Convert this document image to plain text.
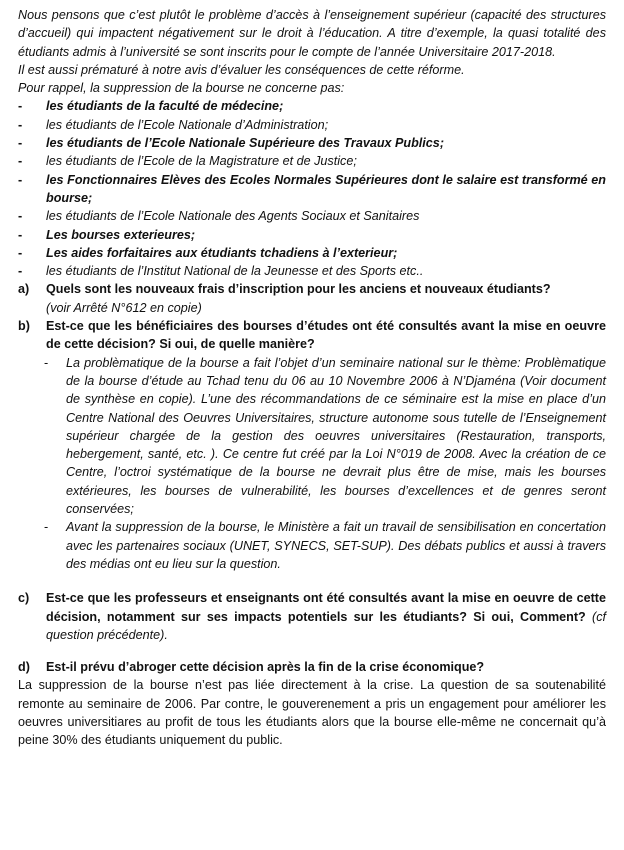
Nous pensons que c’est plutôt le problème d’accès à l’enseignement supérieur (capacité des structures d’accueil) qui impactent négativement sur le droit à l’éducation. A titre d’exemple, la quasi totalité des étudiants admis à l’université se sont inscrits pour le compte de l’année Universitaire 2017-2018.

Il est aussi prématuré à notre avis d’évaluer les conséquences de cette réforme.

Pour rappel, la suppression de la bourse ne concerne pas:

- les étudiants de la faculté de médecine;
- les étudiants de l’Ecole Nationale d’Administration;
- les étudiants de l’Ecole Nationale Supérieure des Travaux Publics;
- les étudiants de l’Ecole de la Magistrature et de Justice;
- les Fonctionnaires Elèves des Ecoles Normales Supérieures dont le salaire est transformé en bourse;
- les étudiants de l’Ecole Nationale des Agents Sociaux et Sanitaires
- Les bourses exterieures;
- Les aides forfaitaires aux étudiants tchadiens à l’exterieur;
- les étudiants de l’Institut National de la Jeunesse et des Sports etc..
a) Quels sont les nouveaux frais d’inscription pour les anciens et nouveaux étudiants?

(voir Arrêté N°612 en copie)

b) Est-ce que les bénéficiaires des bourses d’études ont été consultés avant la mise en oeuvre de cette décision? Si oui, de quelle manière?

- La problèmatique de la bourse a fait l’objet d’un seminaire national sur le thème: Problèmatique de la bourse d’étude au Tchad tenu du 06 au 10 Novembre 2006 à N’Djaména (Voir document de synthèse en copie). L’une des récommandations de ce séminaire est la mise en place d’un Centre National des Oeuvres Universitaires, structure autonome sous tutelle de l’Enseignement supérieur chargée de la gestion des oeuvres universitaires (Restauration, transports, hebergement, santé, etc. ). Ce centre fut créé par la Loi N°019 de 2008. Avec la création de ce Centre, l’octroi systématique de la bourse ne devrait plus être de mise, mais les bourses extérieures, les bourses de vulnerabilité, les bourses d’excellences et de genres seront conservées;
- Avant la suppression de la bourse, le Ministère a fait un travail de sensibilisation en concertation avec les partenaires sociaux (UNET, SYNECS, SET-SUP). Des débats publics et aussi à travers des médias ont eu lieu sur la question.
c) Est-ce que les professeurs et enseignants ont été consultés avant la mise en oeuvre de cette décision, notamment sur ses impacts potentiels sur les étudiants? Si oui, Comment? (cf question précédente).

d) Est-il prévu d’abroger cette décision après la fin de la crise économique?

La suppression de la bourse n’est pas liée directement à la crise. La question de sa soutenabilité remonte au seminaire de 2006. Par contre, le gouverenement a pris un engagement pour améliorer les oeuvres universitiares au profit de tous les étudiants alors que la bourse elle-même ne concernait qu’à peine 30% des étudiants uniquement du public.
